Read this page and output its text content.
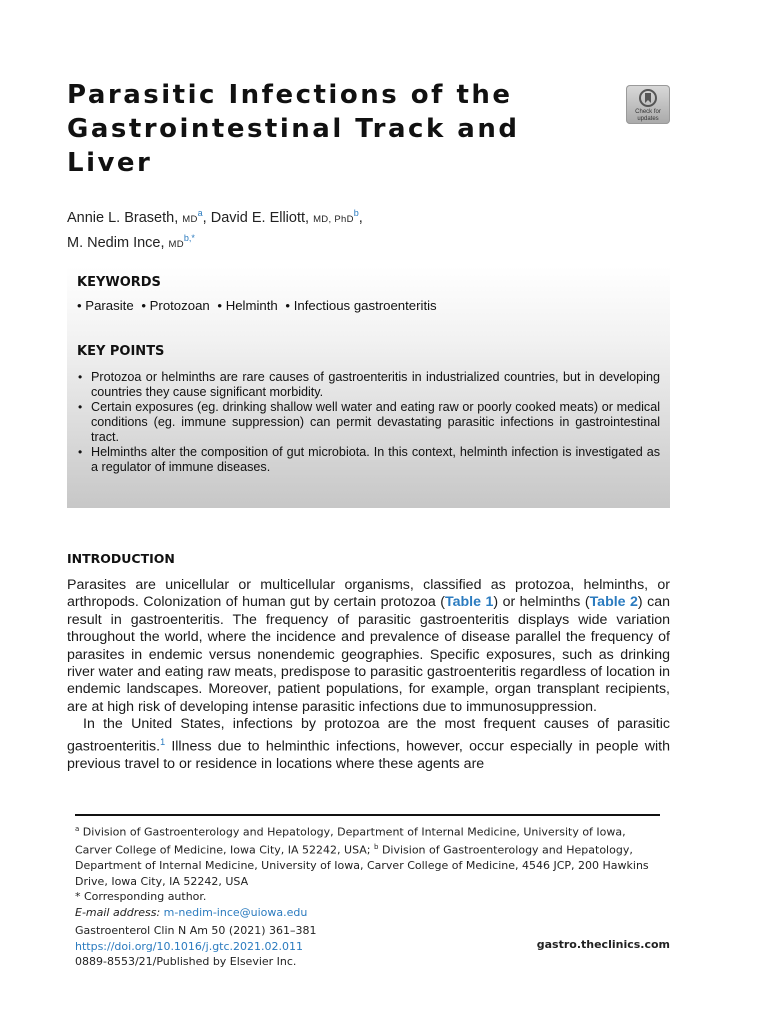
Parasitic Infections of the Gastrointestinal Track and Liver
Check for
updates
Annie L. Braseth, $MD^a$, David E. Elliott, MD, PhD$^b$,
M. Nedim Ince, $MD^{b,*}$
KEYWORDS
• Parasite • Protozoan • Helminth • Infectious gastroenteritis
KEY POINTS
• Protozoa or helminths are rare causes of gastroenteritis in industrialized countries, but in developing countries they cause significant morbidity.
• Certain exposures (eg. drinking shallow well water and eating raw or poorly cooked meats) or medical conditions (eg. immune suppression) can permit devastating parasitic infections in gastrointestinal tract.
• Helminths alter the composition of gut microbiota. In this context, helminth infection is investigated as a regulator of immune diseases.
INTRODUCTION

Parasites are unicellular or multicellular organisms, classified as protozoa, helminths, or arthropods. Colonization of human gut by certain protozoa (Table 1) or helminths (Table 2) can result in gastroenteritis. The frequency of parasitic gastroenteritis displays wide variation throughout the world, where the incidence and prevalence of disease parallel the frequency of parasites in endemic versus nonendemic geographies. Specific exposures, such as drinking river water and eating raw meats, predispose to parasitic gastroenteritis regardless of location in endemic landscapes. Moreover, patient populations, for example, organ transplant recipients, are at high risk of developing intense parasitic infections due to immunosuppression.

In the United States, infections by protozoa are the most frequent causes of parasitic gastroenteritis.$^1$ Illness due to helminthic infections, however, occur especially in people with previous travel to or residence in locations where these agents are

$^a$ Division of Gastroenterology and Hepatology, Department of Internal Medicine, University of Iowa, Carver College of Medicine, Iowa City, IA 52242, USA; $^b$ Division of Gastroenterology and Hepatology, Department of Internal Medicine, University of Iowa, Carver College of Medicine, 4546 JCP, 200 Hawkins Drive, Iowa City, IA 52242, USA
* Corresponding author.
E-mail address: m-nedim-ince@uiowa.edu
Gastroenterol Clin N Am 50 (2021) 361–381
https://doi.org/10.1016/j.gtc.2021.02.011
0889-8553/21/Published by Elsevier Inc.
gastro.theclinics.com
